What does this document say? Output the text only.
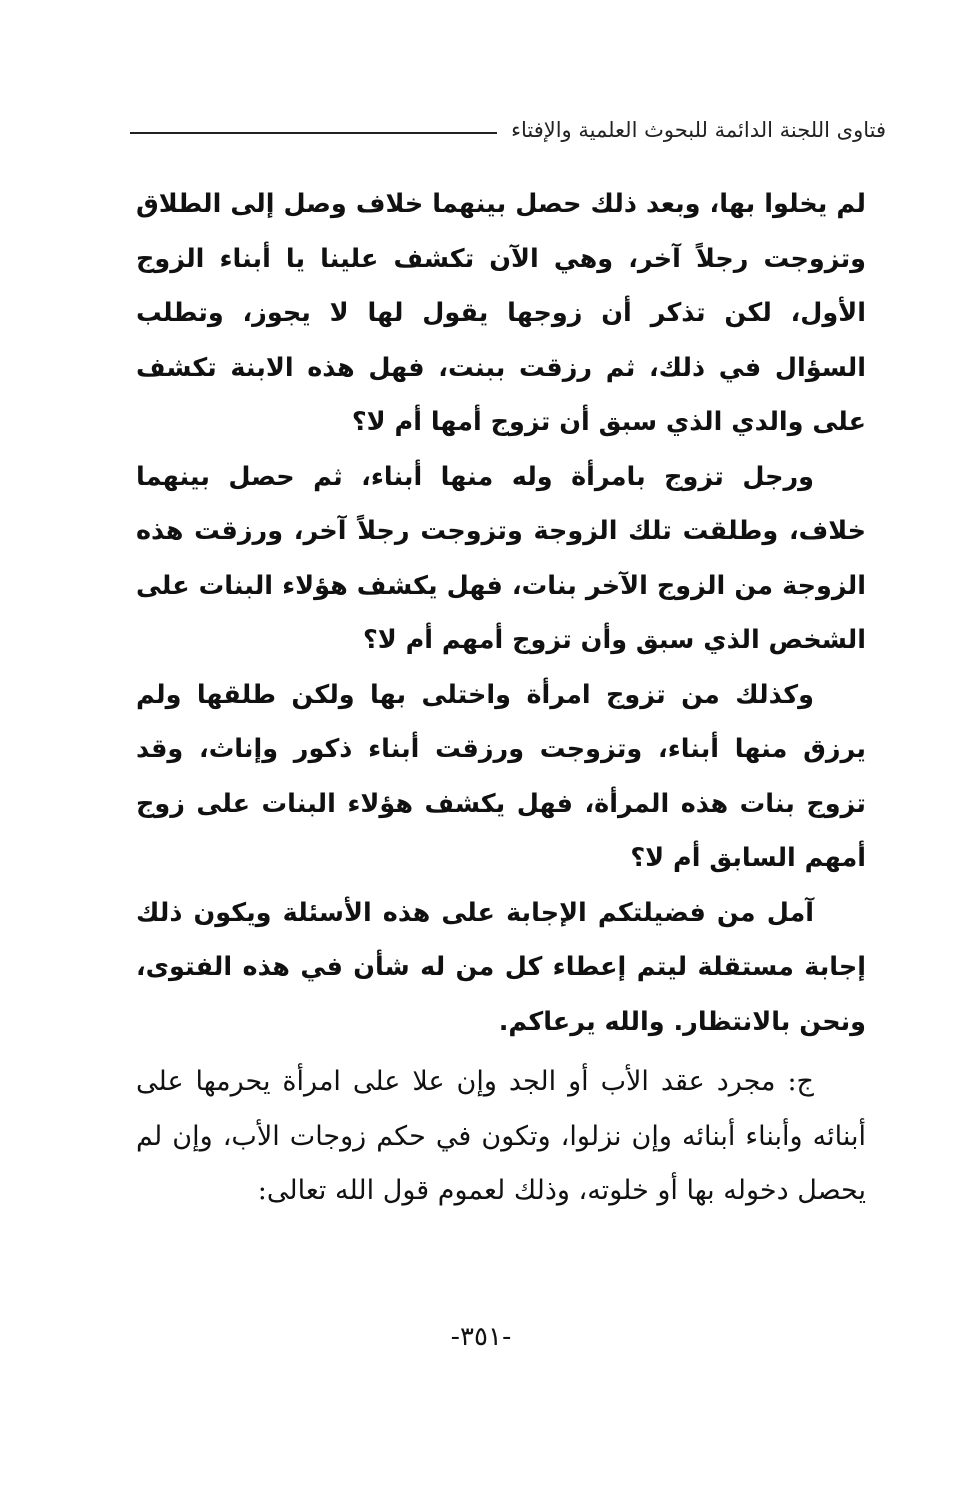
فتاوى اللجنة الدائمة للبحوث العلمية والإفتاء

لم يخلوا بها، وبعد ذلك حصل بينهما خلاف وصل إلى الطلاق وتزوجت رجلاً آخر، وهي الآن تكشف علينا يا أبناء الزوج الأول، لكن تذكر أن زوجها يقول لها لا يجوز، وتطلب السؤال في ذلك، ثم رزقت ببنت، فهل هذه الابنة تكشف على والدي الذي سبق أن تزوج أمها أم لا؟

ورجل تزوج بامرأة وله منها أبناء، ثم حصل بينهما خلاف، وطلقت تلك الزوجة وتزوجت رجلاً آخر، ورزقت هذه الزوجة من الزوج الآخر بنات، فهل يكشف هؤلاء البنات على الشخص الذي سبق وأن تزوج أمهم أم لا؟

وكذلك من تزوج امرأة واختلى بها ولكن طلقها ولم يرزق منها أبناء، وتزوجت ورزقت أبناء ذكور وإناث، وقد تزوج بنات هذه المرأة، فهل يكشف هؤلاء البنات على زوج أمهم السابق أم لا؟

آمل من فضيلتكم الإجابة على هذه الأسئلة ويكون ذلك إجابة مستقلة ليتم إعطاء كل من له شأن في هذه الفتوى، ونحن بالانتظار. والله يرعاكم.

ج: مجرد عقد الأب أو الجد وإن علا على امرأة يحرمها على أبنائه وأبناء أبنائه وإن نزلوا، وتكون في حكم زوجات الأب، وإن لم يحصل دخوله بها أو خلوته، وذلك لعموم قول الله تعالى:

-٣٥١-
